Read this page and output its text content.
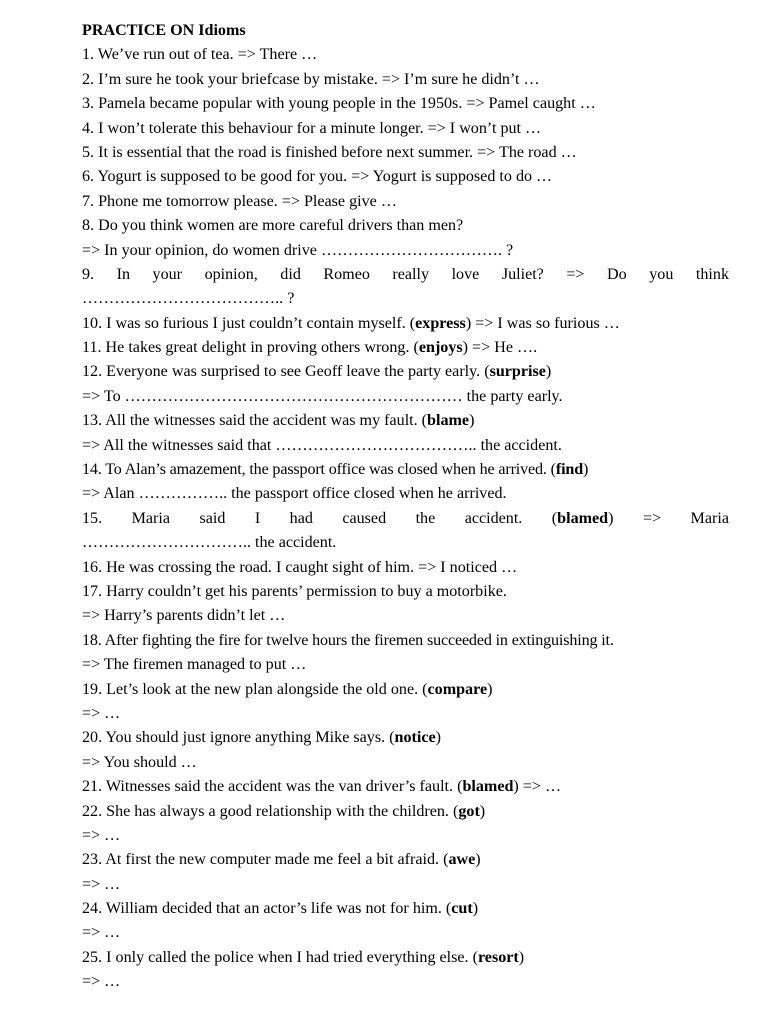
PRACTICE ON Idioms
1. We’ve run out of tea. => There …
2. I’m sure he took your briefcase by mistake. => I’m sure he didn’t …
3. Pamela became popular with young people in the 1950s. => Pamel caught …
4. I won’t tolerate this behaviour for a minute longer. => I won’t put …
5. It is essential that the road is finished before next summer. => The road …
6. Yogurt is supposed to be good for you. => Yogurt is supposed to do …
7. Phone me tomorrow please. => Please give …
8. Do you think women are more careful drivers than men?
=> In your opinion, do women drive ……………………………. ?
9. In your opinion, did Romeo really love Juliet? => Do you think
……………………………….. ?
10. I was so furious I just couldn’t contain myself. (express) => I was so furious …
11. He takes great delight in proving others wrong. (enjoys) => He ….
12. Everyone was surprised to see Geoff leave the party early. (surprise)
=> To ……………………………………………………… the party early.
13. All the witnesses said the accident was my fault. (blame)
=> All the witnesses said that ……………………………….. the accident.
14. To Alan’s amazement, the passport office was closed when he arrived. (find)
=> Alan …………….. the passport office closed when he arrived.
15. Maria said I had caused the accident. (blamed) => Maria
………………………….. the accident.
16. He was crossing the road. I caught sight of him. => I noticed …
17. Harry couldn’t get his parents’ permission to buy a motorbike.
=> Harry’s parents didn’t let …
18. After fighting the fire for twelve hours the firemen succeeded in extinguishing it.
=> The firemen managed to put …
19. Let’s look at the new plan alongside the old one. (compare)
=> …
20. You should just ignore anything Mike says. (notice)
=> You should …
21. Witnesses said the accident was the van driver’s fault. (blamed) => …
22. She has always a good relationship with the children. (got)
=> …
23. At first the new computer made me feel a bit afraid. (awe)
=> …
24. William decided that an actor’s life was not for him. (cut)
=> …
25. I only called the police when I had tried everything else. (resort)
=> …
